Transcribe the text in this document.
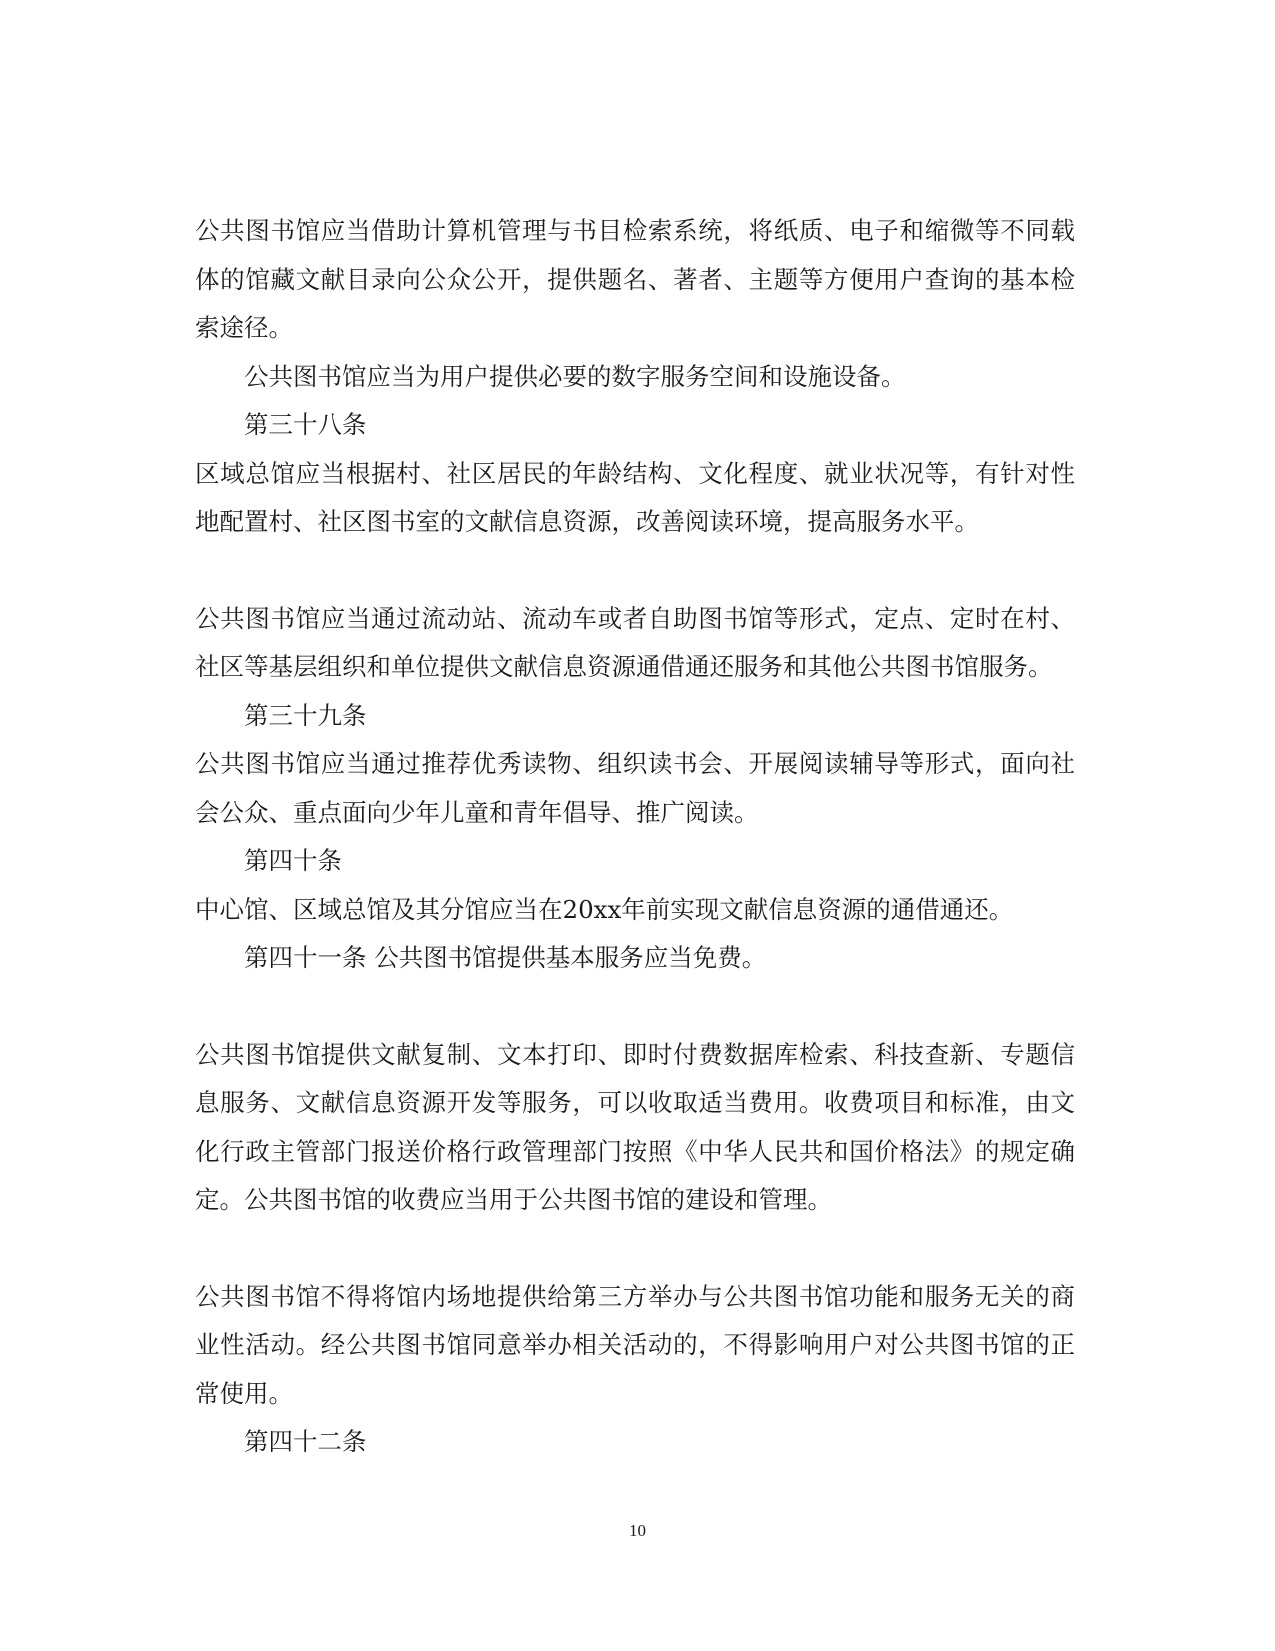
公共图书馆应当借助计算机管理与书目检索系统，将纸质、电子和缩微等不同载体的馆藏文献目录向公众公开，提供题名、著者、主题等方便用户查询的基本检索途径。

公共图书馆应当为用户提供必要的数字服务空间和设施设备。

第三十八条

区域总馆应当根据村、社区居民的年龄结构、文化程度、就业状况等，有针对性地配置村、社区图书室的文献信息资源，改善阅读环境，提高服务水平。

公共图书馆应当通过流动站、流动车或者自助图书馆等形式，定点、定时在村、社区等基层组织和单位提供文献信息资源通借通还服务和其他公共图书馆服务。

第三十九条

公共图书馆应当通过推荐优秀读物、组织读书会、开展阅读辅导等形式，面向社会公众、重点面向少年儿童和青年倡导、推广阅读。

第四十条

中心馆、区域总馆及其分馆应当在20xx年前实现文献信息资源的通借通还。

第四十一条 公共图书馆提供基本服务应当免费。

公共图书馆提供文献复制、文本打印、即时付费数据库检索、科技查新、专题信息服务、文献信息资源开发等服务，可以收取适当费用。收费项目和标准，由文化行政主管部门报送价格行政管理部门按照《中华人民共和国价格法》的规定确定。公共图书馆的收费应当用于公共图书馆的建设和管理。

公共图书馆不得将馆内场地提供给第三方举办与公共图书馆功能和服务无关的商业性活动。经公共图书馆同意举办相关活动的，不得影响用户对公共图书馆的正常使用。

第四十二条

10
